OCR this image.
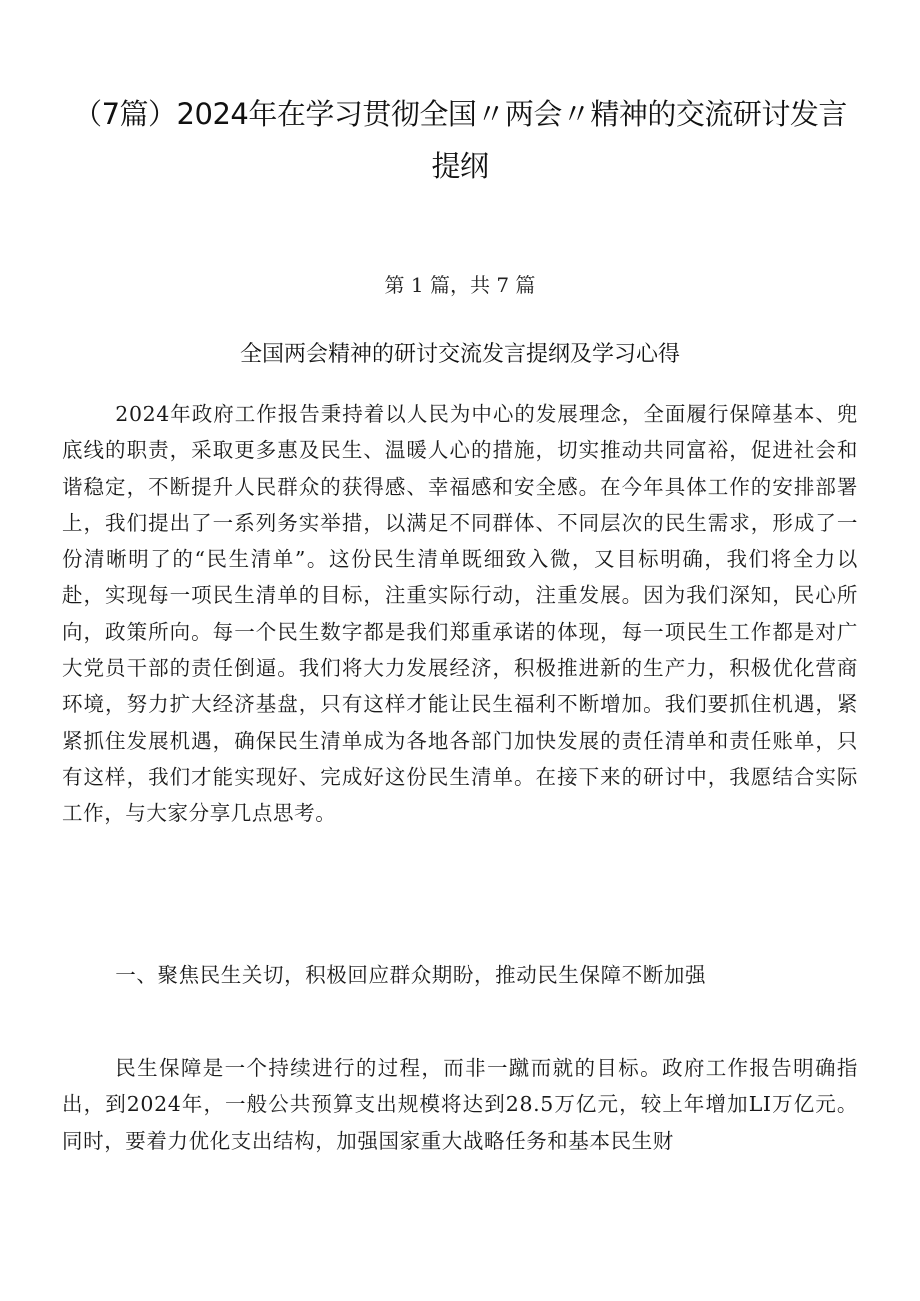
（7篇）2024年在学习贯彻全国〃两会〃精神的交流研讨发言提纲

第 1 篇，共 7 篇

全国两会精神的研讨交流发言提纲及学习心得

2024年政府工作报告秉持着以人民为中心的发展理念，全面履行保障基本、兜底线的职责，采取更多惠及民生、温暖人心的措施，切实推动共同富裕，促进社会和谐稳定，不断提升人民群众的获得感、幸福感和安全感。在今年具体工作的安排部署上，我们提出了一系列务实举措，以满足不同群体、不同层次的民生需求，形成了一份清晰明了的“民生清单”。这份民生清单既细致入微，又目标明确，我们将全力以赴，实现每一项民生清单的目标，注重实际行动，注重发展。因为我们深知，民心所向，政策所向。每一个民生数字都是我们郑重承诺的体现，每一项民生工作都是对广大党员干部的责任倒逼。我们将大力发展经济，积极推进新的生产力，积极优化营商环境，努力扩大经济基盘，只有这样才能让民生福利不断增加。我们要抓住机遇，紧紧抓住发展机遇，确保民生清单成为各地各部门加快发展的责任清单和责任账单，只有这样，我们才能实现好、完成好这份民生清单。在接下来的研讨中，我愿结合实际工作，与大家分享几点思考。

一、聚焦民生关切，积极回应群众期盼，推动民生保障不断加强

民生保障是一个持续进行的过程，而非一蹴而就的目标。政府工作报告明确指出，到2024年，一般公共预算支出规模将达到28.5万亿元，较上年增加LI万亿元。同时，要着力优化支出结构，加强国家重大战略任务和基本民生财
